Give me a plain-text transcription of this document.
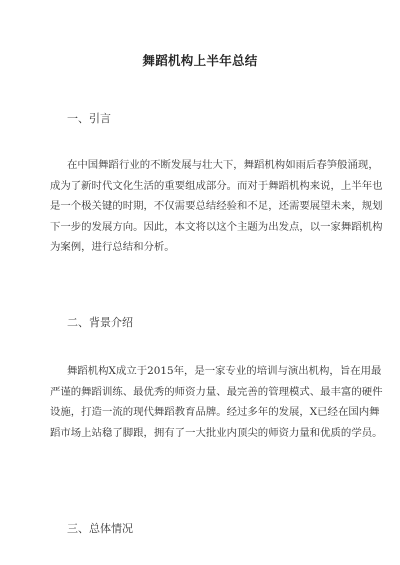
舞蹈机构上半年总结
一、引言
在中国舞蹈行业的不断发展与壮大下，舞蹈机构如雨后春笋般涌现，
成为了新时代文化生活的重要组成部分。而对于舞蹈机构来说，上半年也
是一个极关键的时期，不仅需要总结经验和不足，还需要展望未来，规划
下一步的发展方向。因此，本文将以这个主题为出发点，以一家舞蹈机构
为案例，进行总结和分析。
二、背景介绍
舞蹈机构X成立于2015年，是一家专业的培训与演出机构，旨在用最
严谨的舞蹈训练、最优秀的师资力量、最完善的管理模式、最丰富的硬件
设施，打造一流的现代舞蹈教育品牌。经过多年的发展，X已经在国内舞
蹈市场上站稳了脚跟，拥有了一大批业内顶尖的师资力量和优质的学员。
三、总体情况
